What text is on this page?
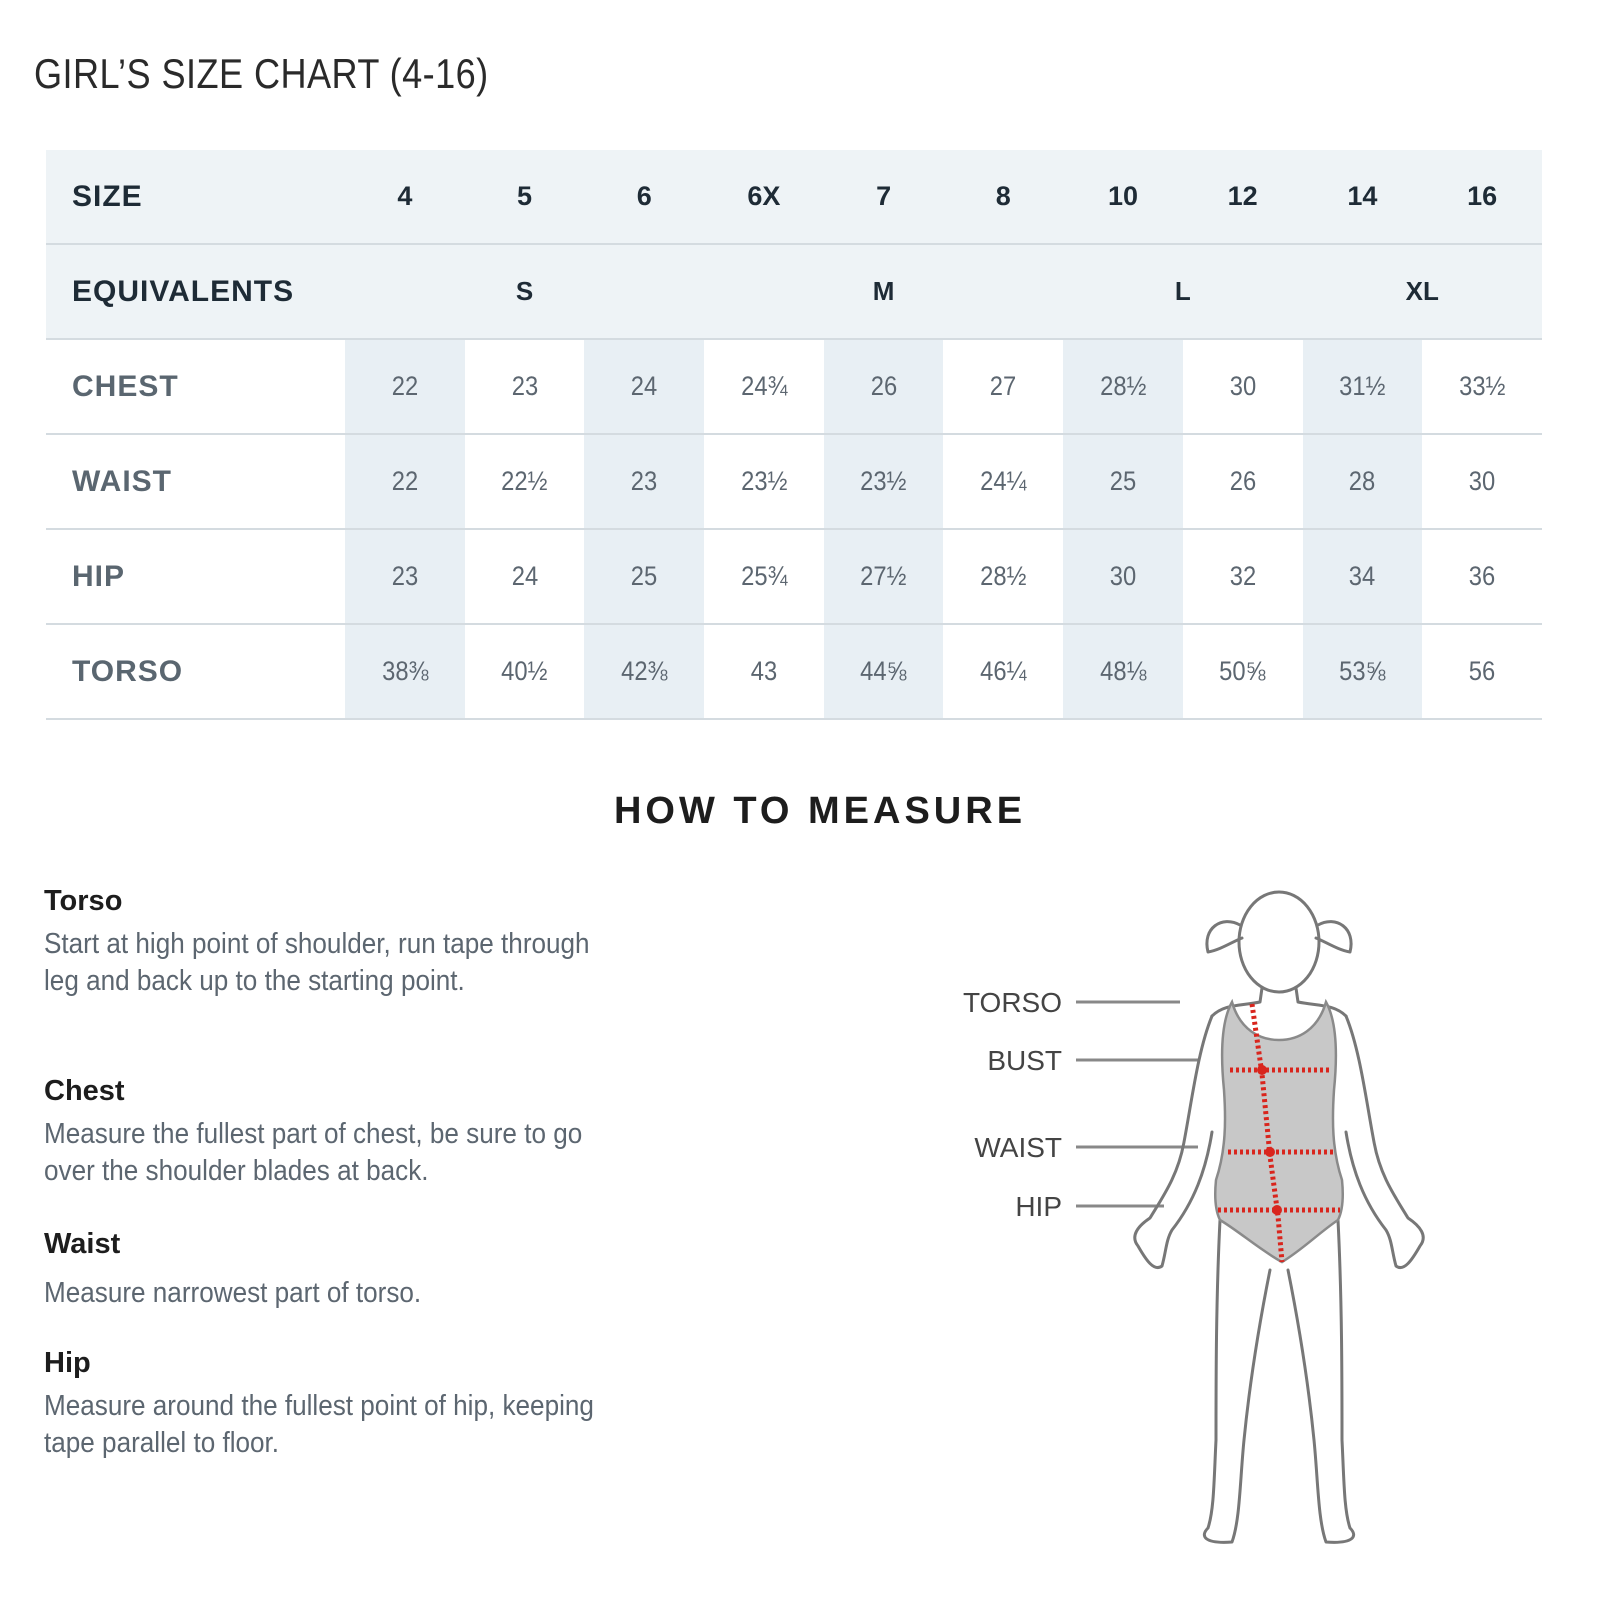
GIRL’S SIZE CHART (4-16)
SIZE	4	5	6	6X	7	8	10	12	14	16
EQUIVALENTS	S			M			L		XL	
CHEST	22	23	24	24¾	26	27	28½	30	31½	33½
WAIST	22	22½	23	23½	23½	24¼	25	26	28	30
HIP	23	24	25	25¾	27½	28½	30	32	34	36
TORSO	38⅜	40½	42⅜	43	44⅝	46¼	48⅛	50⅝	53⅝	56
HOW TO MEASURE
Torso

Start at high point of shoulder, run tape through leg and back up to the starting point.

Chest

Measure the fullest part of chest, be sure to go over the shoulder blades at back.

Waist

Measure narrowest part of torso.

Hip

Measure around the fullest point of hip, keeping tape parallel to floor.

TORSO
BUST
WAIST
HIP
